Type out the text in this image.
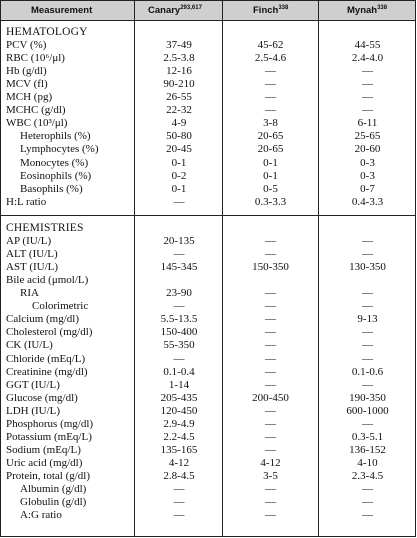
Measurement	Canary$^{293,617}$	Finch$^{338}$	Mynah$^{338}$
HEMATOLOGY
PCV (%)	37-49	45-62	44-55
RBC (10⁶/μl)	2.5-3.8	2.5-4.6	2.4-4.0
Hb (g/dl)	12-16	—	—
MCV (fl)	90-210	—	—
MCH (pg)	26-55	—	—
MCHC (g/dl)	22-32	—	—
WBC (10³/μl)	4-9	3-8	6-11
Heterophils (%)	50-80	20-65	25-65
Lymphocytes (%)	20-45	20-65	20-60
Monocytes (%)	0-1	0-1	0-3
Eosinophils (%)	0-2	0-1	0-3
Basophils (%)	0-1	0-5	0-7
H:L ratio	—	0.3-3.3	0.4-3.3
CHEMISTRIES
AP (IU/L)	20-135	—	—
ALT (IU/L)	—	—	—
AST (IU/L)	145-345	150-350	130-350
Bile acid (μmol/L)
RIA	23-90	—	—
Colorimetric	—	—	—
Calcium (mg/dl)	5.5-13.5	—	9-13
Cholesterol (mg/dl)	150-400	—	—
CK (IU/L)	55-350	—	—
Chloride (mEq/L)	—	—	—
Creatinine (mg/dl)	0.1-0.4	—	0.1-0.6
GGT (IU/L)	1-14	—	—
Glucose (mg/dl)	205-435	200-450	190-350
LDH (IU/L)	120-450	—	600-1000
Phosphorus (mg/dl)	2.9-4.9	—	—
Potassium (mEq/L)	2.2-4.5	—	0.3-5.1
Sodium (mEq/L)	135-165	—	136-152
Uric acid (mg/dl)	4-12	4-12	4-10
Protein, total (g/dl)	2.8-4.5	3-5	2.3-4.5
Albumin (g/dl)	—	—	—
Globulin (g/dl)	—	—	—
A:G ratio	—	—	—
